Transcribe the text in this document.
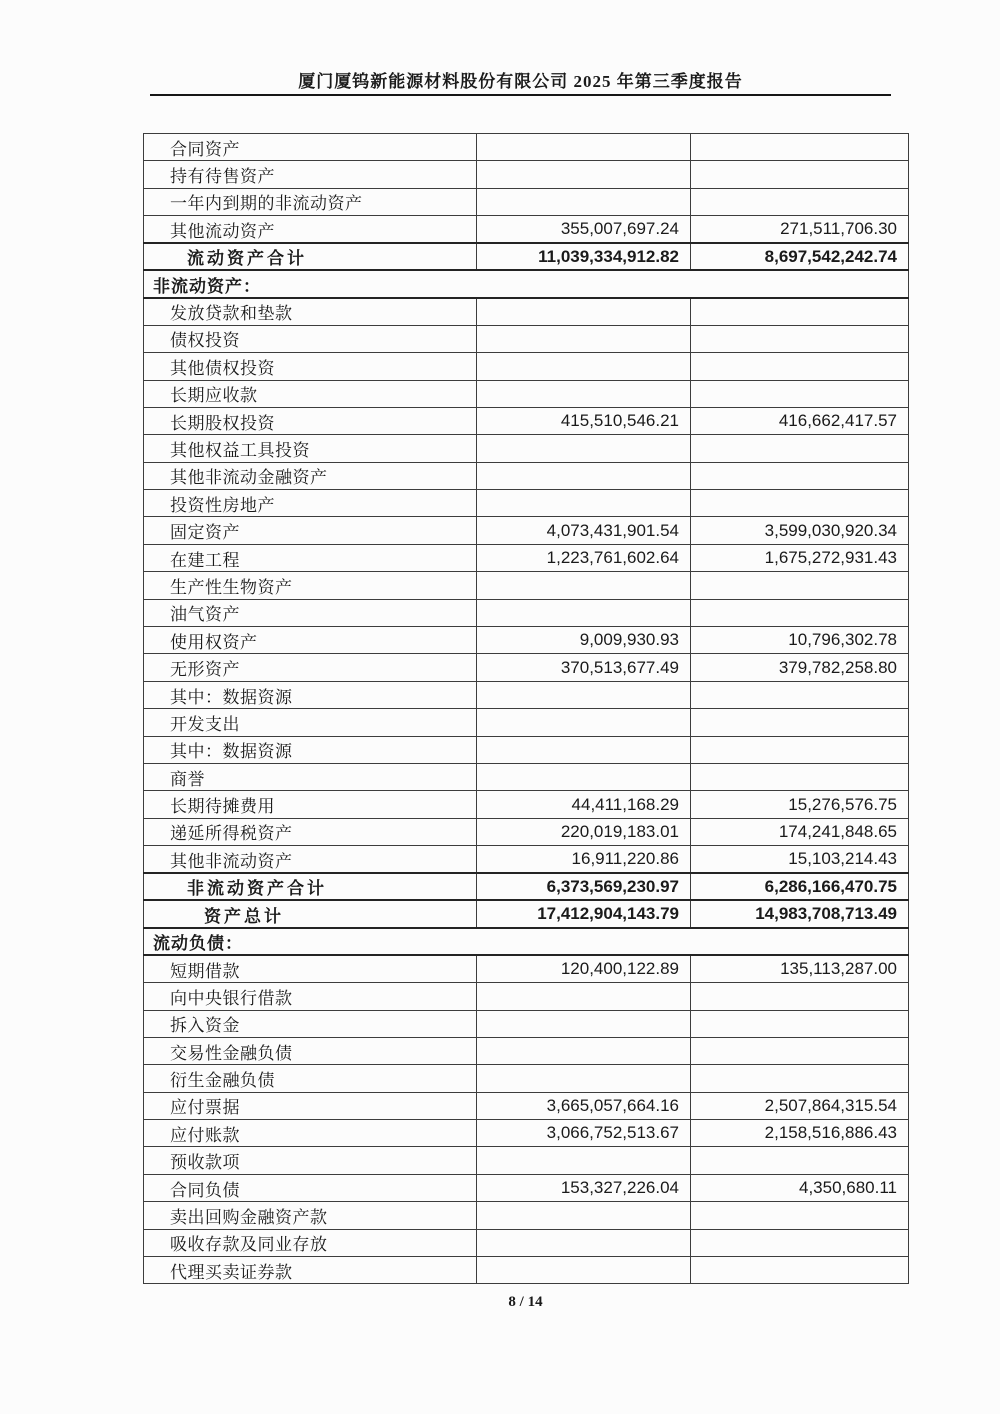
厦门厦钨新能源材料股份有限公司 2025 年第三季度报告
合同资产		
持有待售资产		
一年内到期的非流动资产		
其他流动资产	355,007,697.24	271,511,706.30
流动资产合计	11,039,334,912.82	8,697,542,242.74
非流动资产：		
发放贷款和垫款		
债权投资		
其他债权投资		
长期应收款		
长期股权投资	415,510,546.21	416,662,417.57
其他权益工具投资		
其他非流动金融资产		
投资性房地产		
固定资产	4,073,431,901.54	3,599,030,920.34
在建工程	1,223,761,602.64	1,675,272,931.43
生产性生物资产		
油气资产		
使用权资产	9,009,930.93	10,796,302.78
无形资产	370,513,677.49	379,782,258.80
其中：数据资源		
开发支出		
其中：数据资源		
商誉		
长期待摊费用	44,411,168.29	15,276,576.75
递延所得税资产	220,019,183.01	174,241,848.65
其他非流动资产	16,911,220.86	15,103,214.43
非流动资产合计	6,373,569,230.97	6,286,166,470.75
资产总计	17,412,904,143.79	14,983,708,713.49
流动负债：		
短期借款	120,400,122.89	135,113,287.00
向中央银行借款		
拆入资金		
交易性金融负债		
衍生金融负债		
应付票据	3,665,057,664.16	2,507,864,315.54
应付账款	3,066,752,513.67	2,158,516,886.43
预收款项		
合同负债	153,327,226.04	4,350,680.11
卖出回购金融资产款		
吸收存款及同业存放		
代理买卖证券款		
8 / 14
